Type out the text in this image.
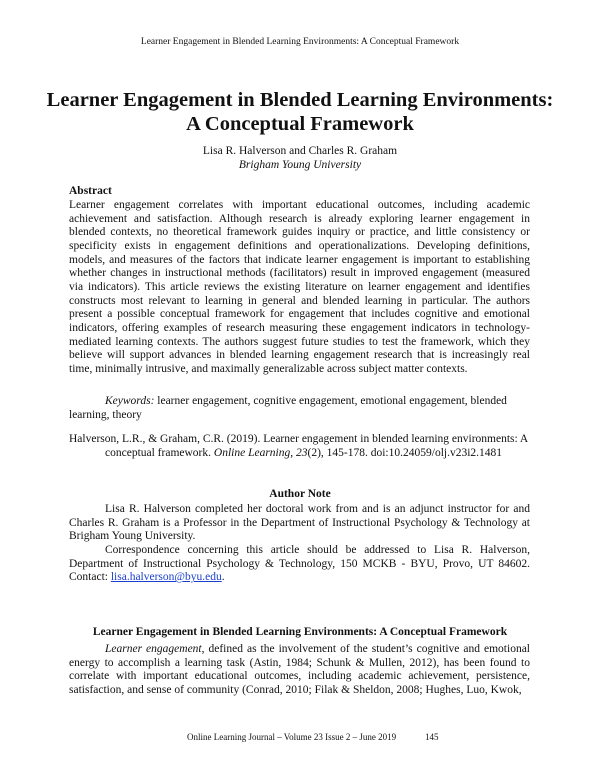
Learner Engagement in Blended Learning Environments: A Conceptual Framework
Learner Engagement in Blended Learning Environments:
A Conceptual Framework
Lisa R. Halverson and Charles R. Graham
Brigham Young University
Abstract

Learner engagement correlates with important educational outcomes, including academic achievement and satisfaction. Although research is already exploring learner engagement in blended contexts, no theoretical framework guides inquiry or practice, and little consistency or specificity exists in engagement definitions and operationalizations. Developing definitions, models, and measures of the factors that indicate learner engagement is important to establishing whether changes in instructional methods (facilitators) result in improved engagement (measured via indicators). This article reviews the existing literature on learner engagement and identifies constructs most relevant to learning in general and blended learning in particular. The authors present a possible conceptual framework for engagement that includes cognitive and emotional indicators, offering examples of research measuring these engagement indicators in technology-mediated learning contexts. The authors suggest future studies to test the framework, which they believe will support advances in blended learning engagement research that is increasingly real time, minimally intrusive, and maximally generalizable across subject matter contexts.

Keywords: learner engagement, cognitive engagement, emotional engagement, blended learning, theory

Halverson, L.R., & Graham, C.R. (2019). Learner engagement in blended learning environments: A conceptual framework. Online Learning, 23(2), 145-178. doi:10.24059/olj.v23i2.1481

Author Note

Lisa R. Halverson completed her doctoral work from and is an adjunct instructor for and Charles R. Graham is a Professor in the Department of Instructional Psychology & Technology at Brigham Young University.

Correspondence concerning this article should be addressed to Lisa R. Halverson, Department of Instructional Psychology & Technology, 150 MCKB - BYU, Provo, UT 84602. Contact: lisa.halverson@byu.edu.

Learner Engagement in Blended Learning Environments: A Conceptual Framework

Learner engagement, defined as the involvement of the student’s cognitive and emotional energy to accomplish a learning task (Astin, 1984; Schunk & Mullen, 2012), has been found to correlate with important educational outcomes, including academic achievement, persistence, satisfaction, and sense of community (Conrad, 2010; Filak & Sheldon, 2008; Hughes, Luo, Kwok,

Online Learning Journal – Volume 23 Issue 2 – June 2019	145
